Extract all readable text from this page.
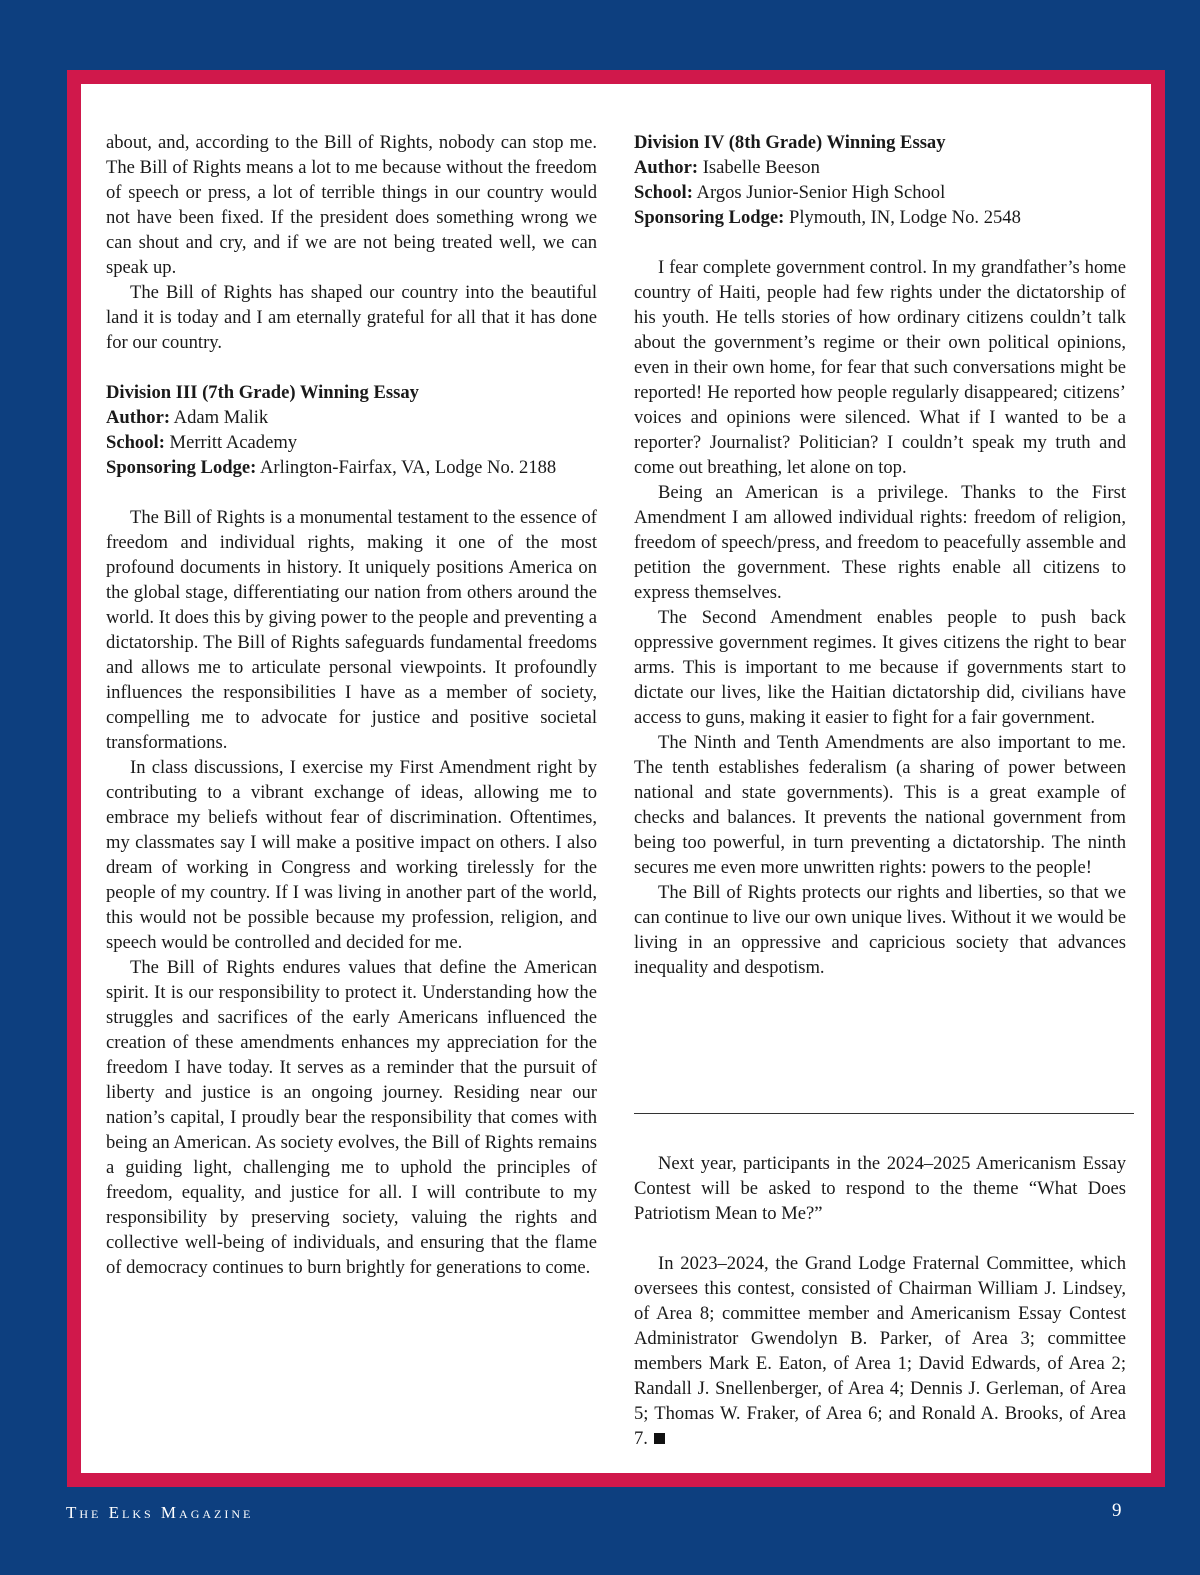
about, and, according to the Bill of Rights, nobody can stop me. The Bill of Rights means a lot to me because without the freedom of speech or press, a lot of terrible things in our country would not have been fixed. If the president does something wrong we can shout and cry, and if we are not being treated well, we can speak up.

The Bill of Rights has shaped our country into the beautiful land it is today and I am eternally grateful for all that it has done for our country.

Division III (7th Grade) Winning Essay
Author: Adam Malik
School: Merritt Academy

Sponsoring Lodge: Arlington-Fairfax, VA, Lodge No. 2188

The Bill of Rights is a monumental testament to the essence of freedom and individual rights, making it one of the most profound documents in history. It uniquely positions America on the global stage, differentiating our nation from others around the world. It does this by giving power to the people and preventing a dictatorship. The Bill of Rights safeguards fundamental freedoms and allows me to articulate personal viewpoints. It profoundly influences the responsibilities I have as a member of society, compelling me to advocate for justice and positive societal transformations.

In class discussions, I exercise my First Amendment right by contributing to a vibrant exchange of ideas, allowing me to embrace my beliefs without fear of discrimination. Oftentimes, my classmates say I will make a positive impact on others. I also dream of working in Congress and working tirelessly for the people of my country. If I was living in another part of the world, this would not be possible because my profession, religion, and speech would be controlled and decided for me.

The Bill of Rights endures values that define the American spirit. It is our responsibility to protect it. Understanding how the struggles and sacrifices of the early Americans influenced the creation of these amendments enhances my appreciation for the freedom I have today. It serves as a reminder that the pursuit of liberty and justice is an ongoing journey. Residing near our nation’s capital, I proudly bear the responsibility that comes with being an American. As society evolves, the Bill of Rights remains a guiding light, challenging me to uphold the principles of freedom, equality, and justice for all. I will contribute to my responsibility by preserving society, valuing the rights and collective well-being of individuals, and ensuring that the flame of democracy continues to burn brightly for generations to come.

Division IV (8th Grade) Winning Essay
Author: Isabelle Beeson
School: Argos Junior-Senior High School
Sponsoring Lodge: Plymouth, IN, Lodge No. 2548

I fear complete government control. In my grandfather’s home country of Haiti, people had few rights under the dictatorship of his youth. He tells stories of how ordinary citizens couldn’t talk about the government’s regime or their own political opinions, even in their own home, for fear that such conversations might be reported! He reported how people regularly disappeared; citizens’ voices and opinions were silenced. What if I wanted to be a reporter? Journalist? Politician? I couldn’t speak my truth and come out breathing, let alone on top.

Being an American is a privilege. Thanks to the First Amendment I am allowed individual rights: freedom of religion, freedom of speech/press, and freedom to peacefully assemble and petition the government. These rights enable all citizens to express themselves.

The Second Amendment enables people to push back oppressive government regimes. It gives citizens the right to bear arms. This is important to me because if governments start to dictate our lives, like the Haitian dictatorship did, civilians have access to guns, making it easier to fight for a fair government.

The Ninth and Tenth Amendments are also important to me. The tenth establishes federalism (a sharing of power between national and state governments). This is a great example of checks and balances. It prevents the national government from being too powerful, in turn preventing a dictatorship. The ninth secures me even more unwritten rights: powers to the people!

The Bill of Rights protects our rights and liberties, so that we can continue to live our own unique lives. Without it we would be living in an oppressive and capricious society that advances inequality and despotism.

Next year, participants in the 2024–2025 Americanism Essay Contest will be asked to respond to the theme “What Does Patriotism Mean to Me?”

In 2023–2024, the Grand Lodge Fraternal Committee, which oversees this contest, consisted of Chairman William J. Lindsey, of Area 8; committee member and Americanism Essay Contest Administrator Gwendolyn B. Parker, of Area 3; committee members Mark E. Eaton, of Area 1; David Edwards, of Area 2; Randall J. Snellenberger, of Area 4; Dennis J. Gerleman, of Area 5; Thomas W. Fraker, of Area 6; and Ronald A. Brooks, of Area 7.

The Elks Magazine	9
